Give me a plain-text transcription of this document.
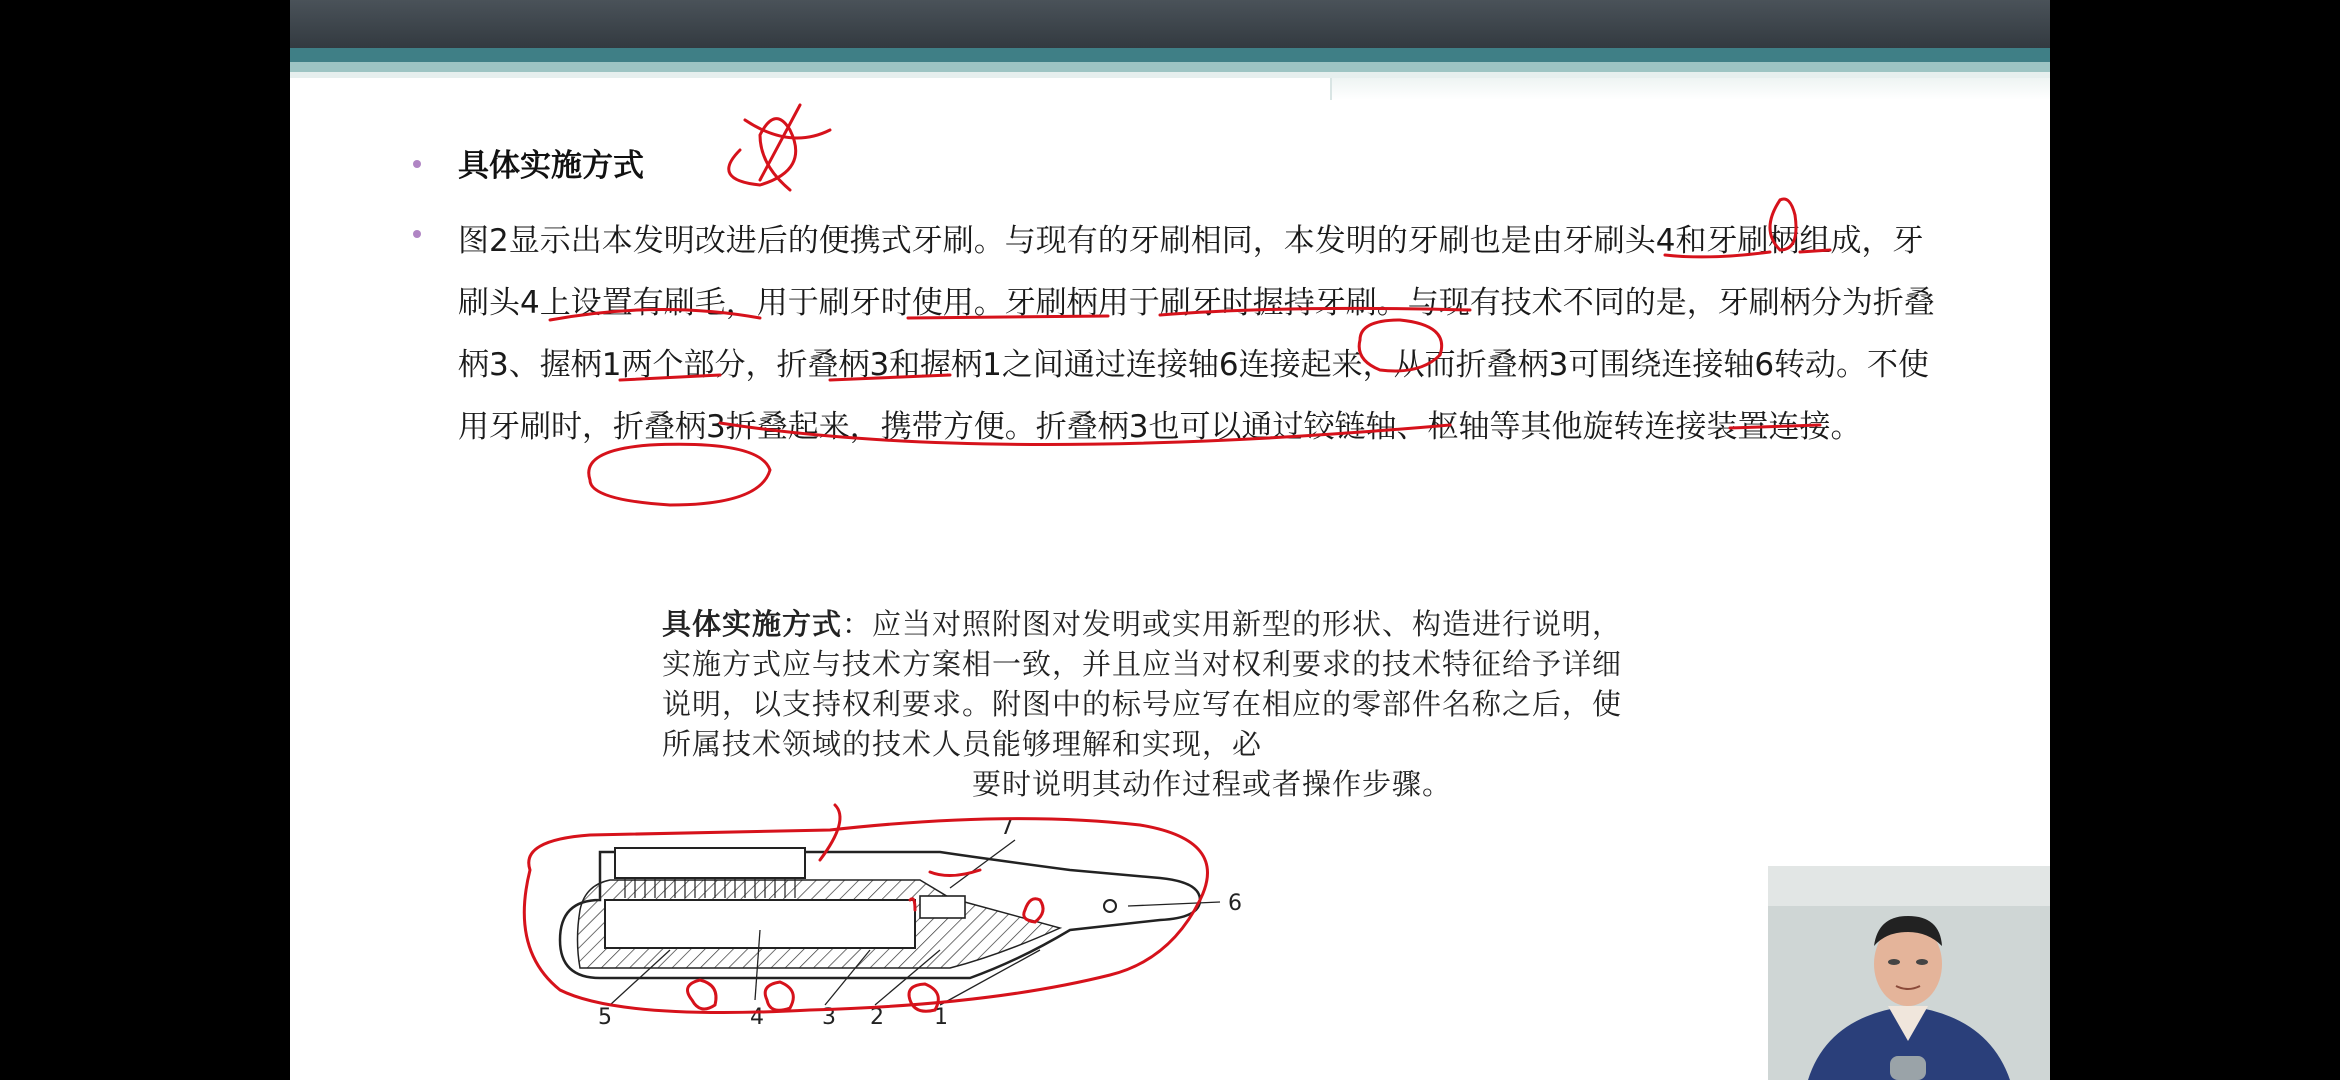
具体实施方式
图2显示出本发明改进后的便携式牙刷。与现有的牙刷相同，本发明的牙刷也是由牙刷头4和牙刷柄组成，牙刷头4上设置有刷毛，用于刷牙时使用。牙刷柄用于刷牙时握持牙刷。与现有技术不同的是，牙刷柄分为折叠柄3、握柄1两个部分，折叠柄3和握柄1之间通过连接轴6连接起来，从而折叠柄3可围绕连接轴6转动。不使用牙刷时，折叠柄3折叠起来，携带方便。折叠柄3也可以通过铰链轴、枢轴等其他旋转连接装置连接。
具体实施方式：应当对照附图对发明或实用新型的形状、构造进行说明，实施方式应与技术方案相一致，并且应当对权利要求的技术特征给予详细说明，以支持权利要求。附图中的标号应写在相应的零部件名称之后，使所属技术领域的技术人员能够理解和实现，必
要时说明其动作过程或者操作步骤。
7
6
5	4	3 2 1
